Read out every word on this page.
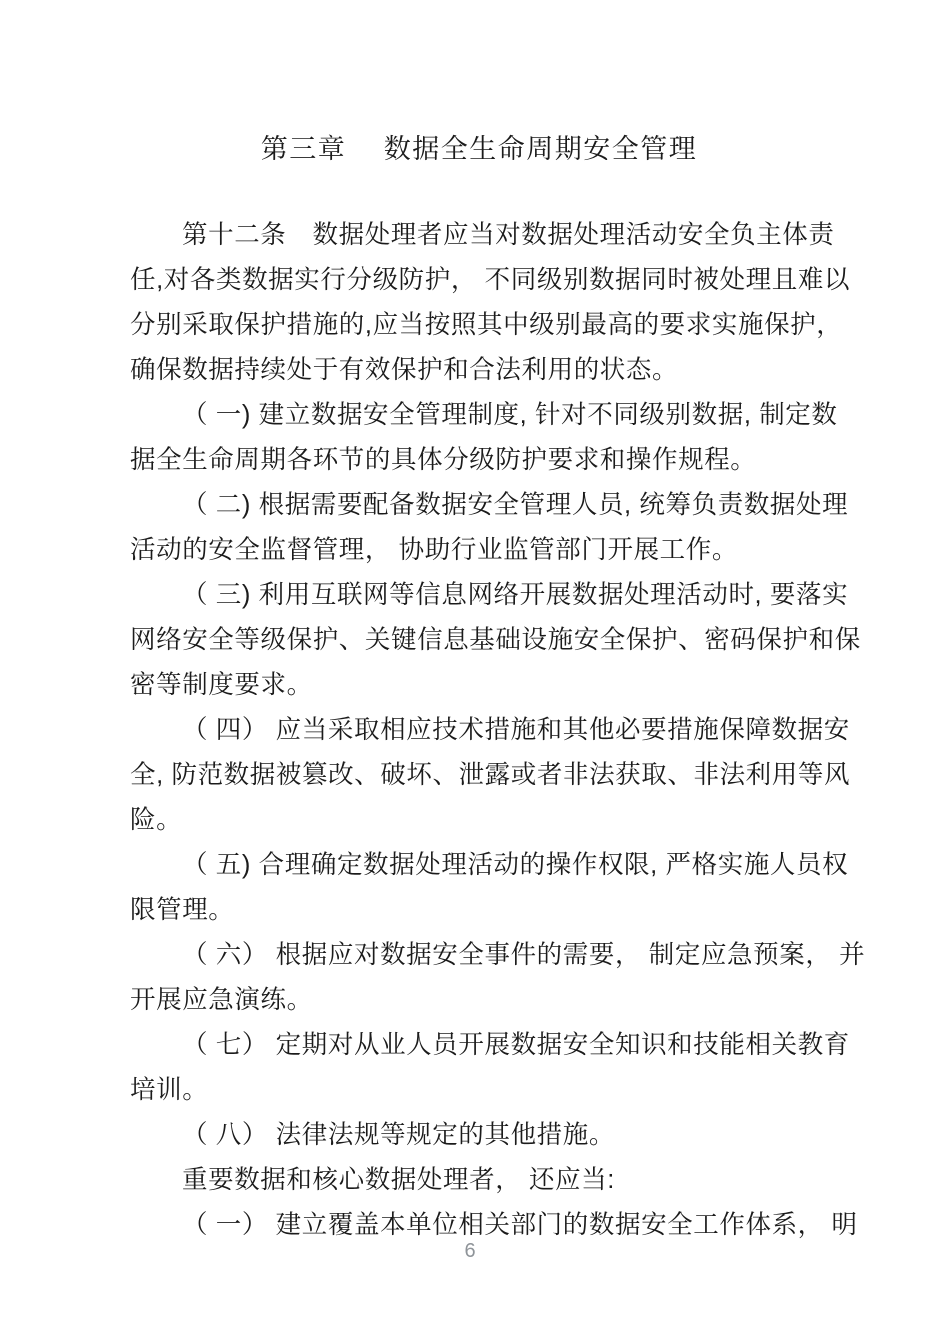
第三章　 数据全生命周期安全管理
第十二条　数据处理者应当对数据处理活动安全负主体责
任,对各类数据实行分级防护， 不同级别数据同时被处理且难以
分别采取保护措施的,应当按照其中级别最高的要求实施保护，
确保数据持续处于有效保护和合法利用的状态。
（ 一) 建立数据安全管理制度, 针对不同级别数据, 制定数
据全生命周期各环节的具体分级防护要求和操作规程。
（ 二) 根据需要配备数据安全管理人员, 统筹负责数据处理
活动的安全监督管理， 协助行业监管部门开展工作。
（ 三) 利用互联网等信息网络开展数据处理活动时, 要落实
网络安全等级保护、关键信息基础设施安全保护、密码保护和保
密等制度要求。
（ 四） 应当采取相应技术措施和其他必要措施保障数据安
全, 防范数据被篡改、破坏、泄露或者非法获取、非法利用等风
险。
（ 五) 合理确定数据处理活动的操作权限, 严格实施人员权
限管理。
（ 六） 根据应对数据安全事件的需要， 制定应急预案， 并
开展应急演练。
（ 七） 定期对从业人员开展数据安全知识和技能相关教育
培训。
（ 八） 法律法规等规定的其他措施。
重要数据和核心数据处理者， 还应当:
（ 一） 建立覆盖本单位相关部门的数据安全工作体系， 明
6
